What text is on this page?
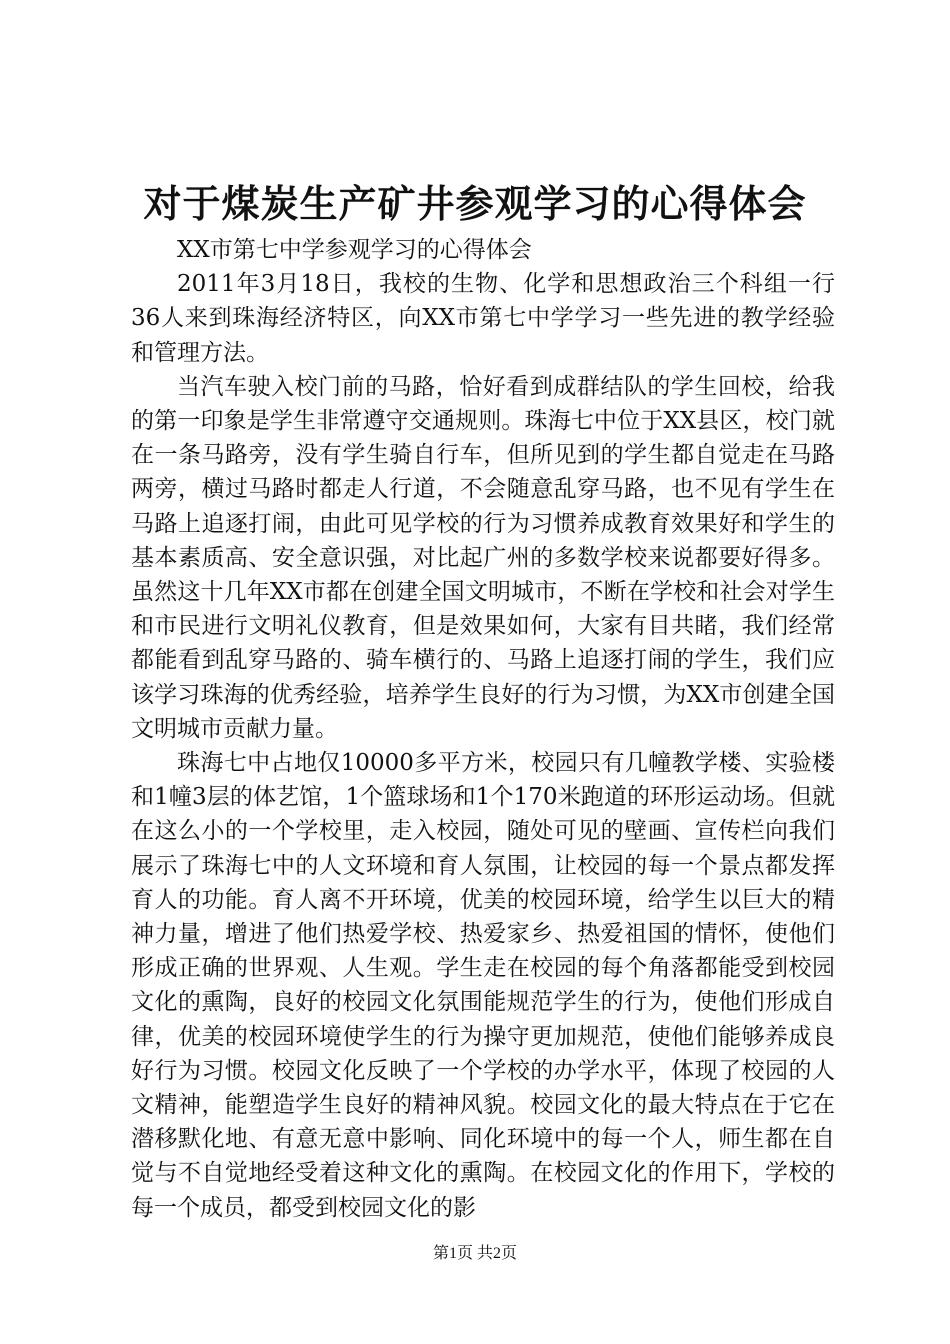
对于煤炭生产矿井参观学习的心得体会

XX市第七中学参观学习的心得体会

2011年3月18日，我校的生物、化学和思想政治三个科组一行36人来到珠海经济特区，向XX市第七中学学习一些先进的教学经验和管理方法。

当汽车驶入校门前的马路，恰好看到成群结队的学生回校，给我的第一印象是学生非常遵守交通规则。珠海七中位于XX县区，校门就在一条马路旁，没有学生骑自行车，但所见到的学生都自觉走在马路两旁，横过马路时都走人行道，不会随意乱穿马路，也不见有学生在马路上追逐打闹，由此可见学校的行为习惯养成教育效果好和学生的基本素质高、安全意识强，对比起广州的多数学校来说都要好得多。虽然这十几年XX市都在创建全国文明城市，不断在学校和社会对学生和市民进行文明礼仪教育，但是效果如何，大家有目共睹，我们经常都能看到乱穿马路的、骑车横行的、马路上追逐打闹的学生，我们应该学习珠海的优秀经验，培养学生良好的行为习惯，为XX市创建全国文明城市贡献力量。

珠海七中占地仅10000多平方米，校园只有几幢教学楼、实验楼和1幢3层的体艺馆，1个篮球场和1个170米跑道的环形运动场。但就在这么小的一个学校里，走入校园，随处可见的壁画、宣传栏向我们展示了珠海七中的人文环境和育人氛围，让校园的每一个景点都发挥育人的功能。育人离不开环境，优美的校园环境，给学生以巨大的精神力量，增进了他们热爱学校、热爱家乡、热爱祖国的情怀，使他们形成正确的世界观、人生观。学生走在校园的每个角落都能受到校园文化的熏陶，良好的校园文化氛围能规范学生的行为，使他们形成自律，优美的校园环境使学生的行为操守更加规范，使他们能够养成良好行为习惯。校园文化反映了一个学校的办学水平，体现了校园的人文精神，能塑造学生良好的精神风貌。校园文化的最大特点在于它在潜移默化地、有意无意中影响、同化环境中的每一个人，师生都在自觉与不自觉地经受着这种文化的熏陶。在校园文化的作用下，学校的每一个成员，都受到校园文化的影

第1页 共2页
